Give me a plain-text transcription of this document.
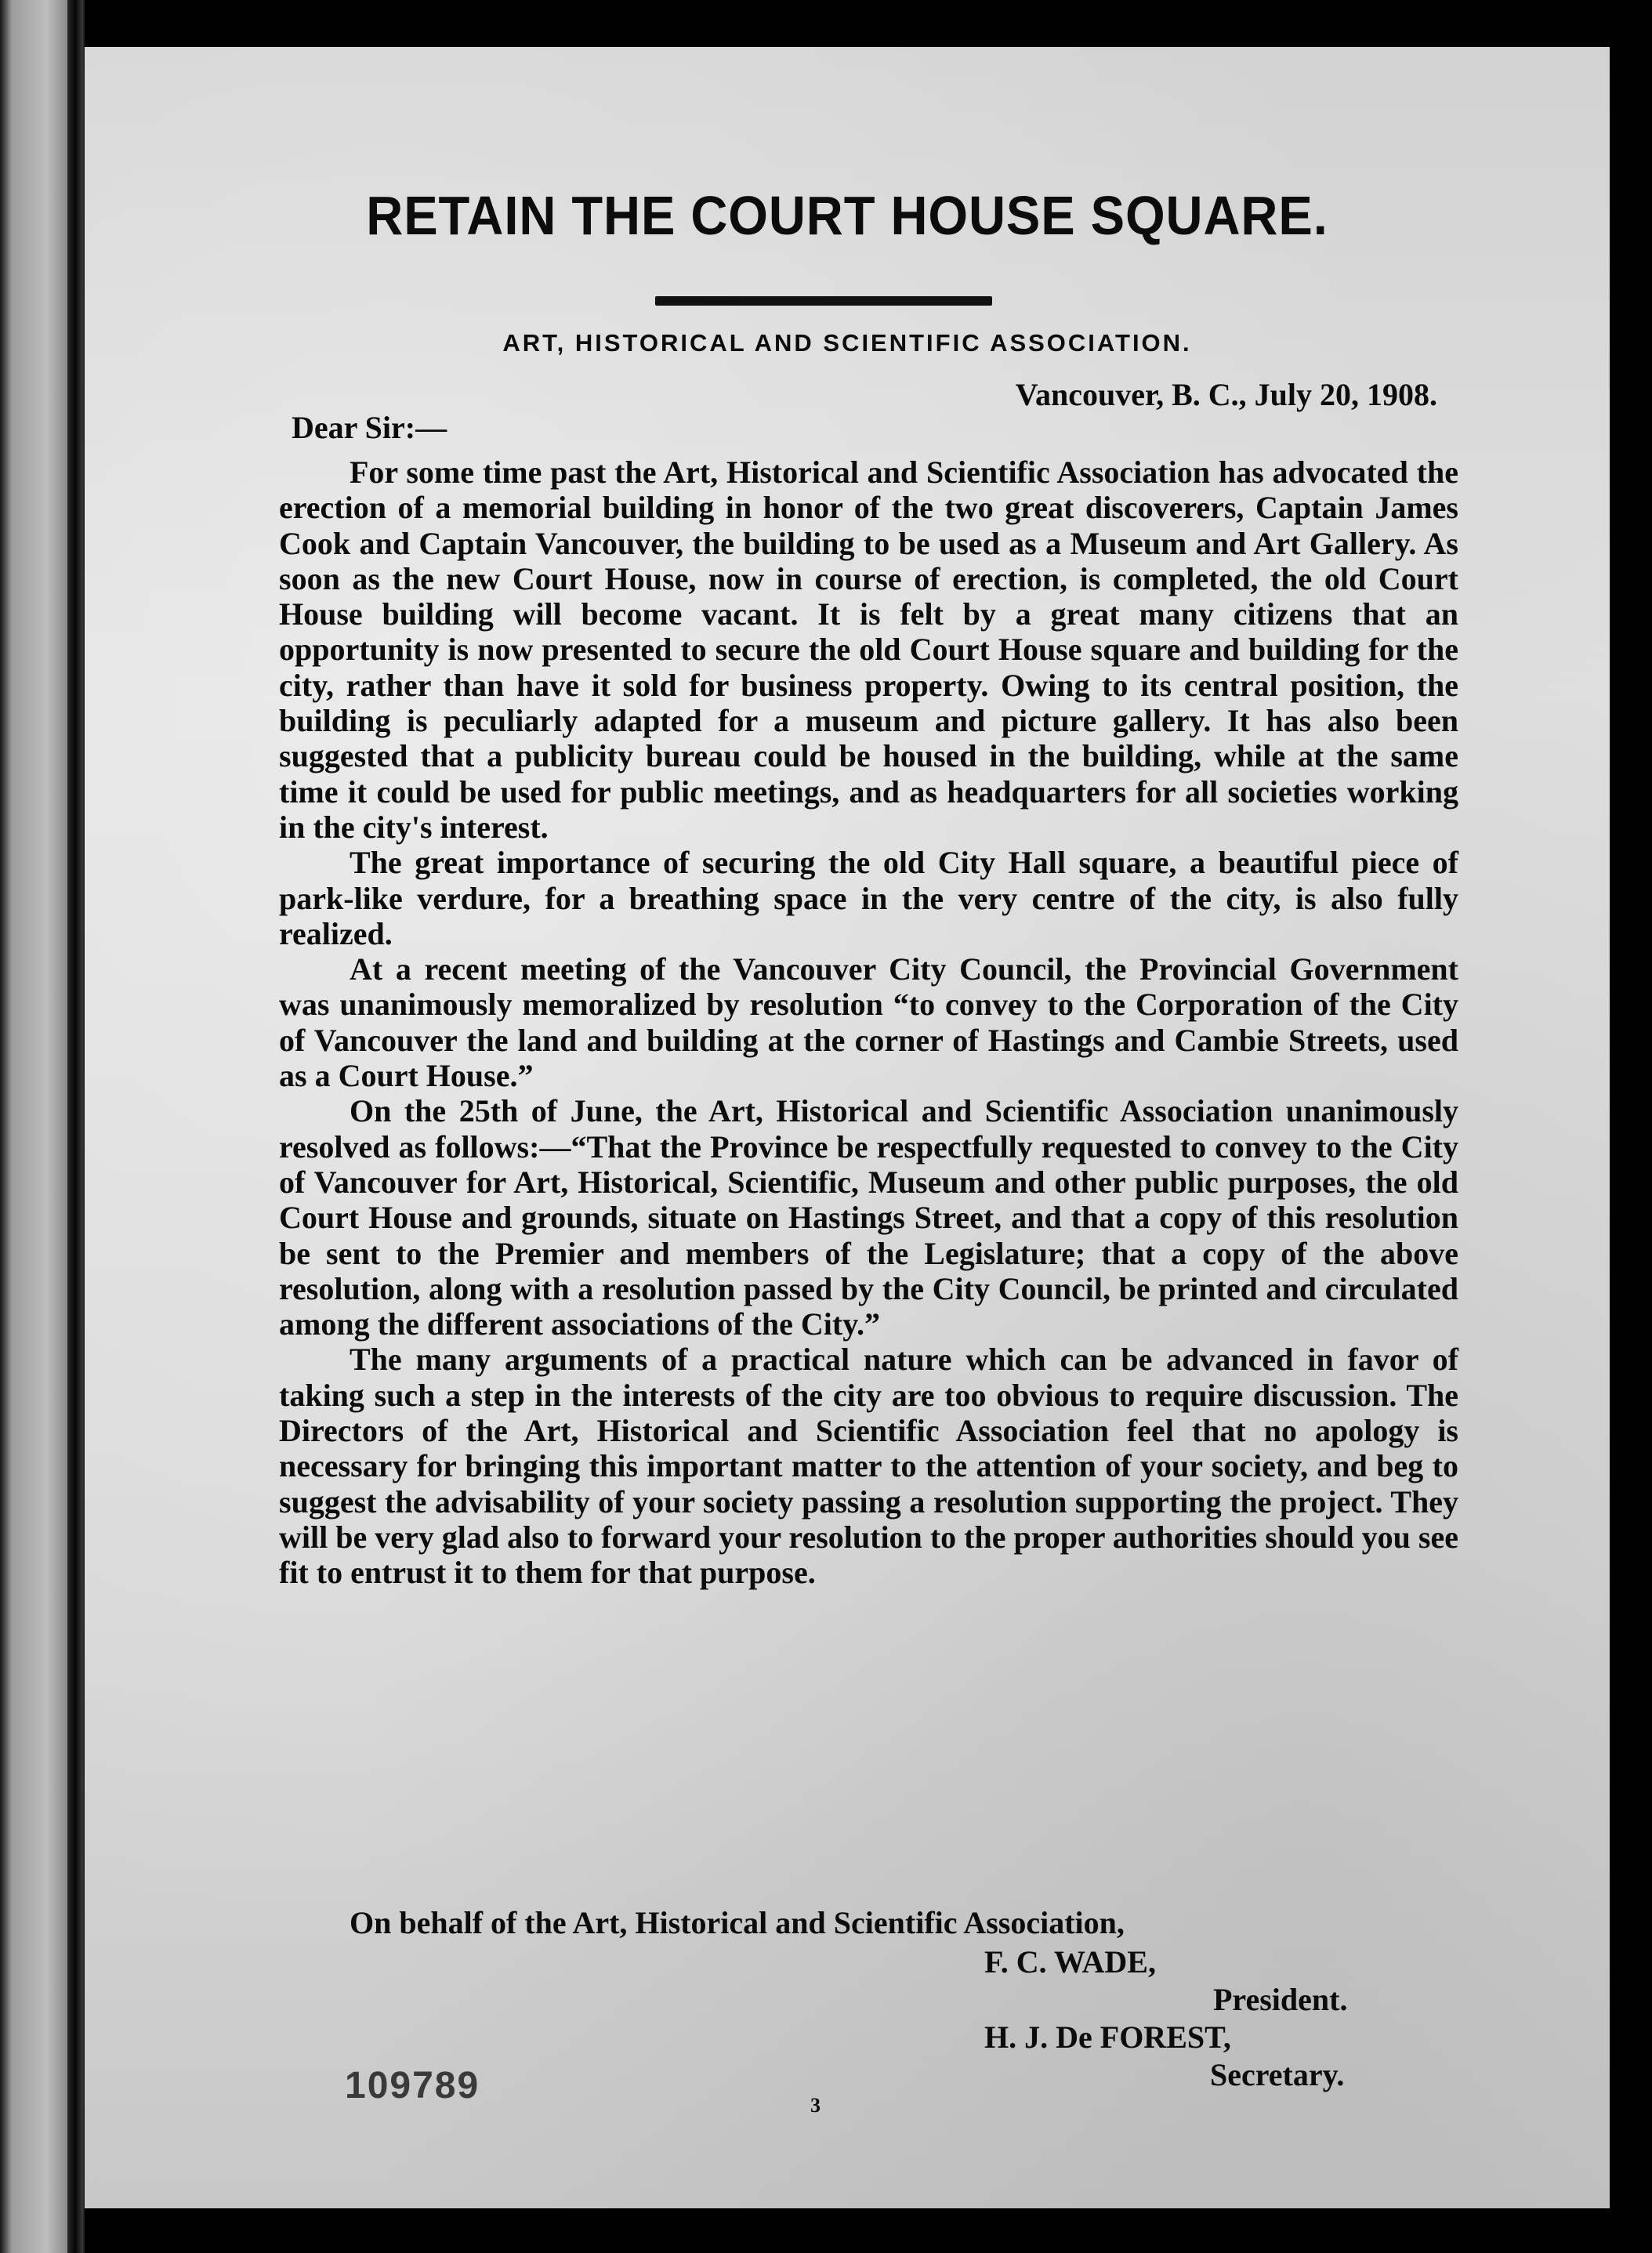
RETAIN THE COURT HOUSE SQUARE.

ART, HISTORICAL AND SCIENTIFIC ASSOCIATION.

Vancouver, B. C., July 20, 1908.

Dear Sir:—

For some time past the Art, Historical and Scientific Association has advocated the erection of a memorial building in honor of the two great discoverers, Captain James Cook and Captain Vancouver, the building to be used as a Museum and Art Gallery. As soon as the new Court House, now in course of erection, is completed, the old Court House building will become vacant. It is felt by a great many citizens that an opportunity is now presented to secure the old Court House square and building for the city, rather than have it sold for business property. Owing to its central position, the building is peculiarly adapted for a museum and picture gallery. It has also been suggested that a publicity bureau could be housed in the building, while at the same time it could be used for public meetings, and as headquarters for all societies working in the city's interest.

The great importance of securing the old City Hall square, a beautiful piece of park-like verdure, for a breathing space in the very centre of the city, is also fully realized.

At a recent meeting of the Vancouver City Council, the Provincial Government was unanimously memoralized by resolution “to convey to the Corporation of the City of Vancouver the land and building at the corner of Hastings and Cambie Streets, used as a Court House.”

On the 25th of June, the Art, Historical and Scientific Association unanimously resolved as follows:—“That the Province be respectfully requested to convey to the City of Vancouver for Art, Historical, Scientific, Museum and other public purposes, the old Court House and grounds, situate on Hastings Street, and that a copy of this resolution be sent to the Premier and members of the Legislature; that a copy of the above resolution, along with a resolution passed by the City Council, be printed and circulated among the different associations of the City.”

The many arguments of a practical nature which can be advanced in favor of taking such a step in the interests of the city are too obvious to require discussion. The Directors of the Art, Historical and Scientific Association feel that no apology is necessary for bringing this important matter to the attention of your society, and beg to suggest the advisability of your society passing a resolution supporting the project. They will be very glad also to forward your resolution to the proper authorities should you see fit to entrust it to them for that purpose.

On behalf of the Art, Historical and Scientific Association,

F. C. WADE,

President.

H. J. De FOREST,

Secretary.

109789	3
